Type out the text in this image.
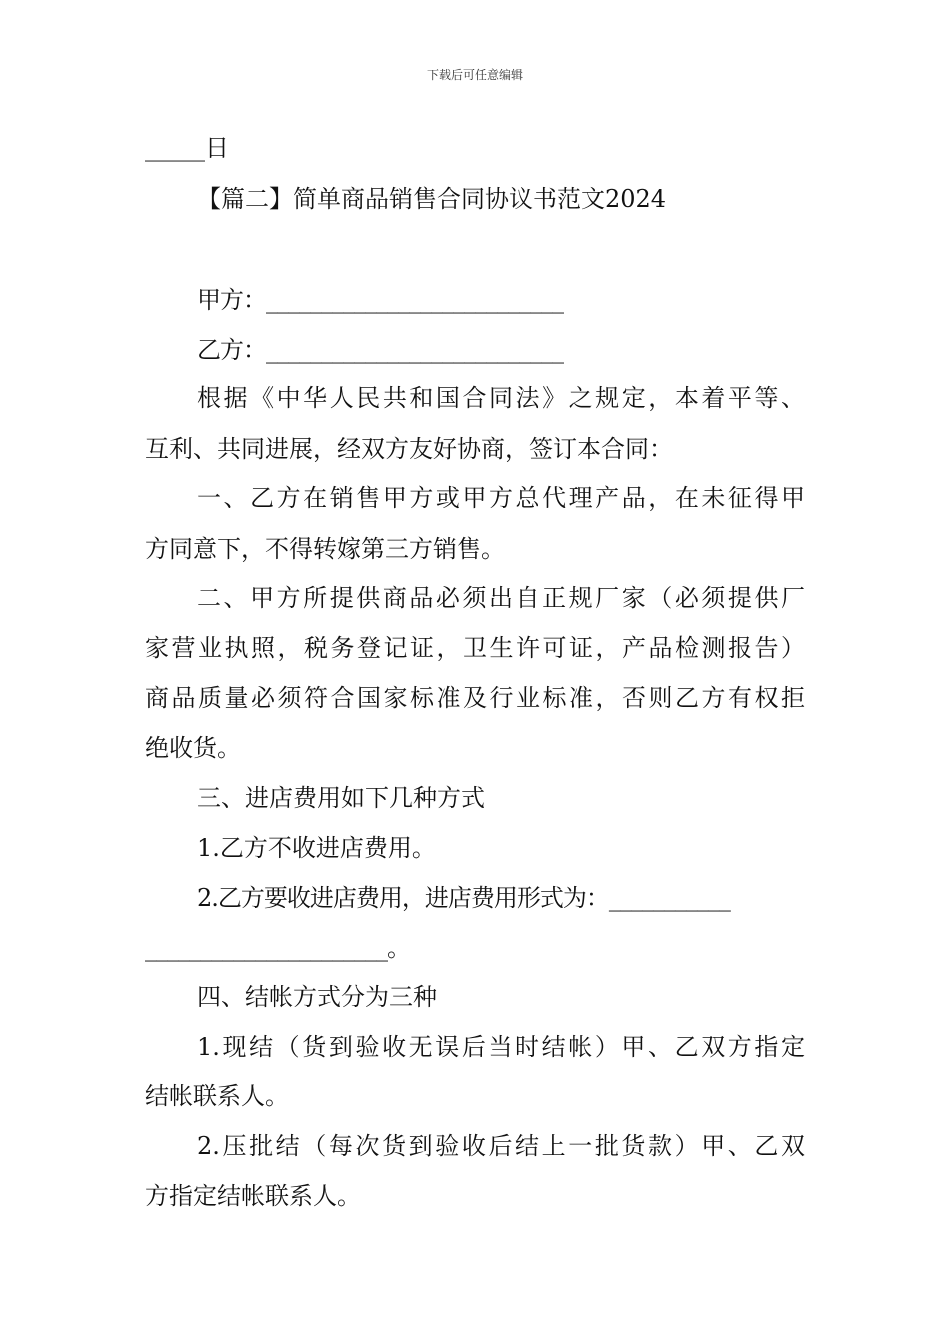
下载后可任意编辑
_____日
【篇二】简单商品销售合同协议书范文2024
甲方：___________________________
乙方：___________________________
根据《中华人民共和国合同法》之规定，本着平等、
互利、共同进展，经双方友好协商，签订本合同：
一、乙方在销售甲方或甲方总代理产品，在未征得甲
方同意下，不得转嫁第三方销售。
二、甲方所提供商品必须出自正规厂家（必须提供厂
家营业执照，税务登记证，卫生许可证，产品检测报告）
商品质量必须符合国家标准及行业标准，否则乙方有权拒
绝收货。
三、进店费用如下几种方式
1.乙方不收进店费用。
2.乙方要收进店费用，进店费用形式为：___________
______________________。
四、结帐方式分为三种
1.现结（货到验收无误后当时结帐）甲、乙双方指定
结帐联系人。
2.压批结（每次货到验收后结上一批货款）甲、乙双
方指定结帐联系人。
